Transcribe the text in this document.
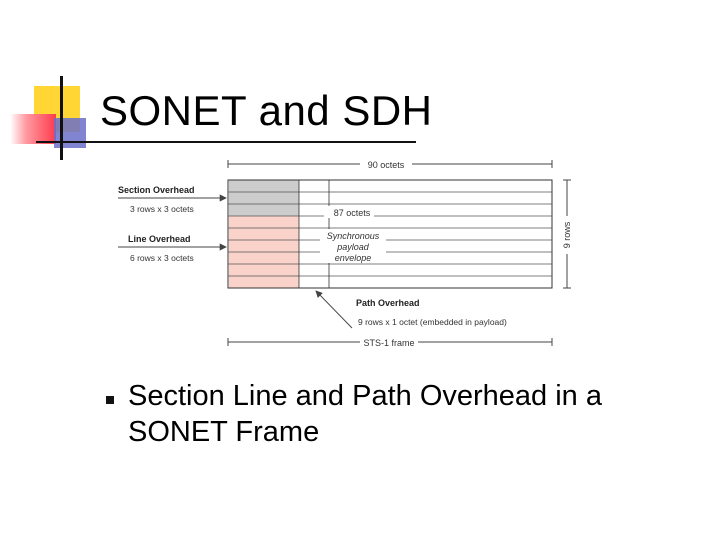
SONET and SDH
90 octets
87 octets
Synchronous
payload
envelope
9 rows
Section Overhead
3 rows x 3 octets
Line Overhead
6 rows x 3 octets
Path Overhead
9 rows x 1 octet (embedded in payload)
STS-1 frame
Section Line and Path Overhead in a SONET Frame
